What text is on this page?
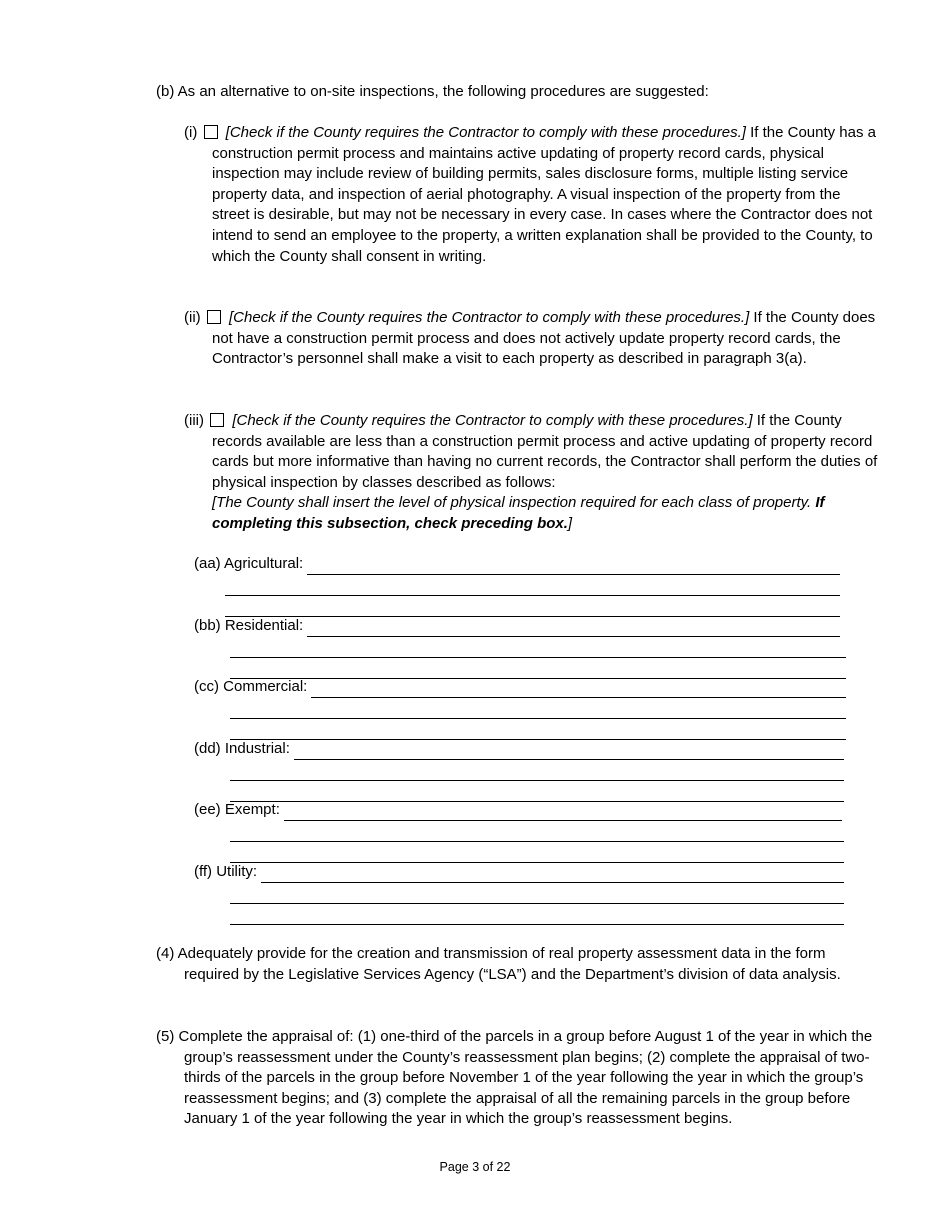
(b) As an alternative to on-site inspections, the following procedures are suggested:
(i) [Check if the County requires the Contractor to comply with these procedures.] If the County has a construction permit process and maintains active updating of property record cards, physical inspection may include review of building permits, sales disclosure forms, multiple listing service property data, and inspection of aerial photography. A visual inspection of the property from the street is desirable, but may not be necessary in every case. In cases where the Contractor does not intend to send an employee to the property, a written explanation shall be provided to the County, to which the County shall consent in writing.
(ii) [Check if the County requires the Contractor to comply with these procedures.] If the County does not have a construction permit process and does not actively update property record cards, the Contractor’s personnel shall make a visit to each property as described in paragraph 3(a).
(iii) [Check if the County requires the Contractor to comply with these procedures.] If the County records available are less than a construction permit process and active updating of property record cards but more informative than having no current records, the Contractor shall perform the duties of physical inspection by classes described as follows:
[The County shall insert the level of physical inspection required for each class of property. If completing this subsection, check preceding box.]
(aa) Agricultural:
(bb) Residential:
(cc) Commercial:
(dd) Industrial:
(ee) Exempt:
(ff) Utility:
(4) Adequately provide for the creation and transmission of real property assessment data in the form required by the Legislative Services Agency (“LSA”) and the Department’s division of data analysis.
(5) Complete the appraisal of: (1) one-third of the parcels in a group before August 1 of the year in which the group’s reassessment under the County’s reassessment plan begins; (2) complete the appraisal of two-thirds of the parcels in the group before November 1 of the year following the year in which the group’s reassessment begins; and (3) complete the appraisal of all the remaining parcels in the group before January 1 of the year following the year in which the group’s reassessment begins.
Page 3 of 22
